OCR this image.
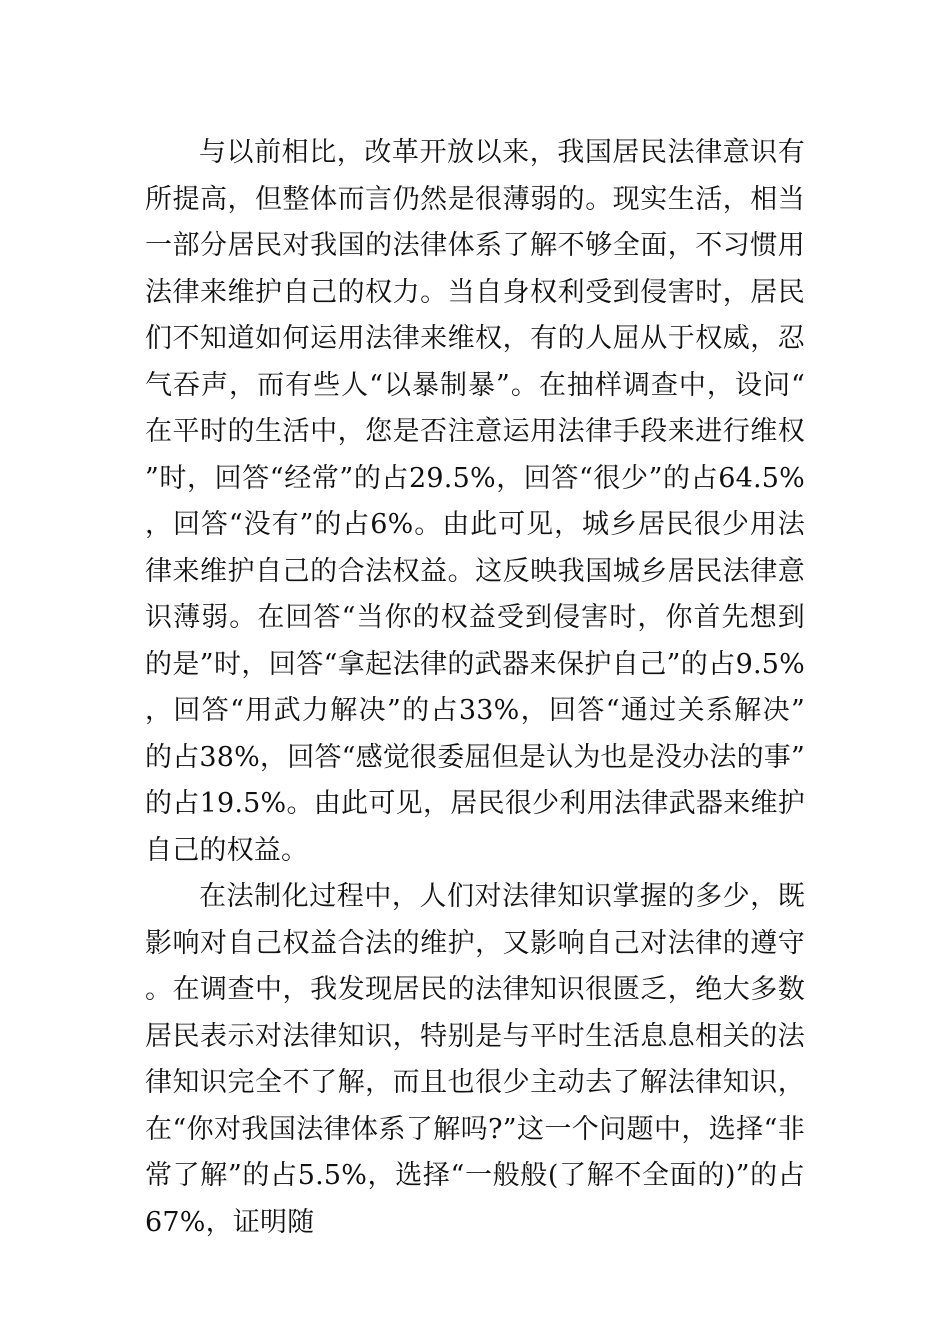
与以前相比，改革开放以来，我国居民法律意识有所提高，但整体而言仍然是很薄弱的。现实生活，相当一部分居民对我国的法律体系了解不够全面，不习惯用法律来维护自己的权力。当自身权利受到侵害时，居民们不知道如何运用法律来维权，有的人屈从于权威，忍气吞声，而有些人“以暴制暴”。在抽样调查中，设问“在平时的生活中，您是否注意运用法律手段来进行维权”时，回答“经常”的占29.5%，回答“很少”的占64.5%，回答“没有”的占6%。由此可见，城乡居民很少用法律来维护自己的合法权益。这反映我国城乡居民法律意识薄弱。在回答“当你的权益受到侵害时，你首先想到的是”时，回答“拿起法律的武器来保护自己”的占9.5%，回答“用武力解决”的占33%，回答“通过关系解决”的占38%，回答“感觉很委屈但是认为也是没办法的事”的占19.5%。由此可见，居民很少利用法律武器来维护自己的权益。

在法制化过程中，人们对法律知识掌握的多少，既影响对自己权益合法的维护，又影响自己对法律的遵守。在调查中，我发现居民的法律知识很匮乏，绝大多数居民表示对法律知识，特别是与平时生活息息相关的法律知识完全不了解，而且也很少主动去了解法律知识，在“你对我国法律体系了解吗?”这一个问题中，选择“非常了解”的占5.5%，选择“一般般(了解不全面的)”的占67%，证明随
